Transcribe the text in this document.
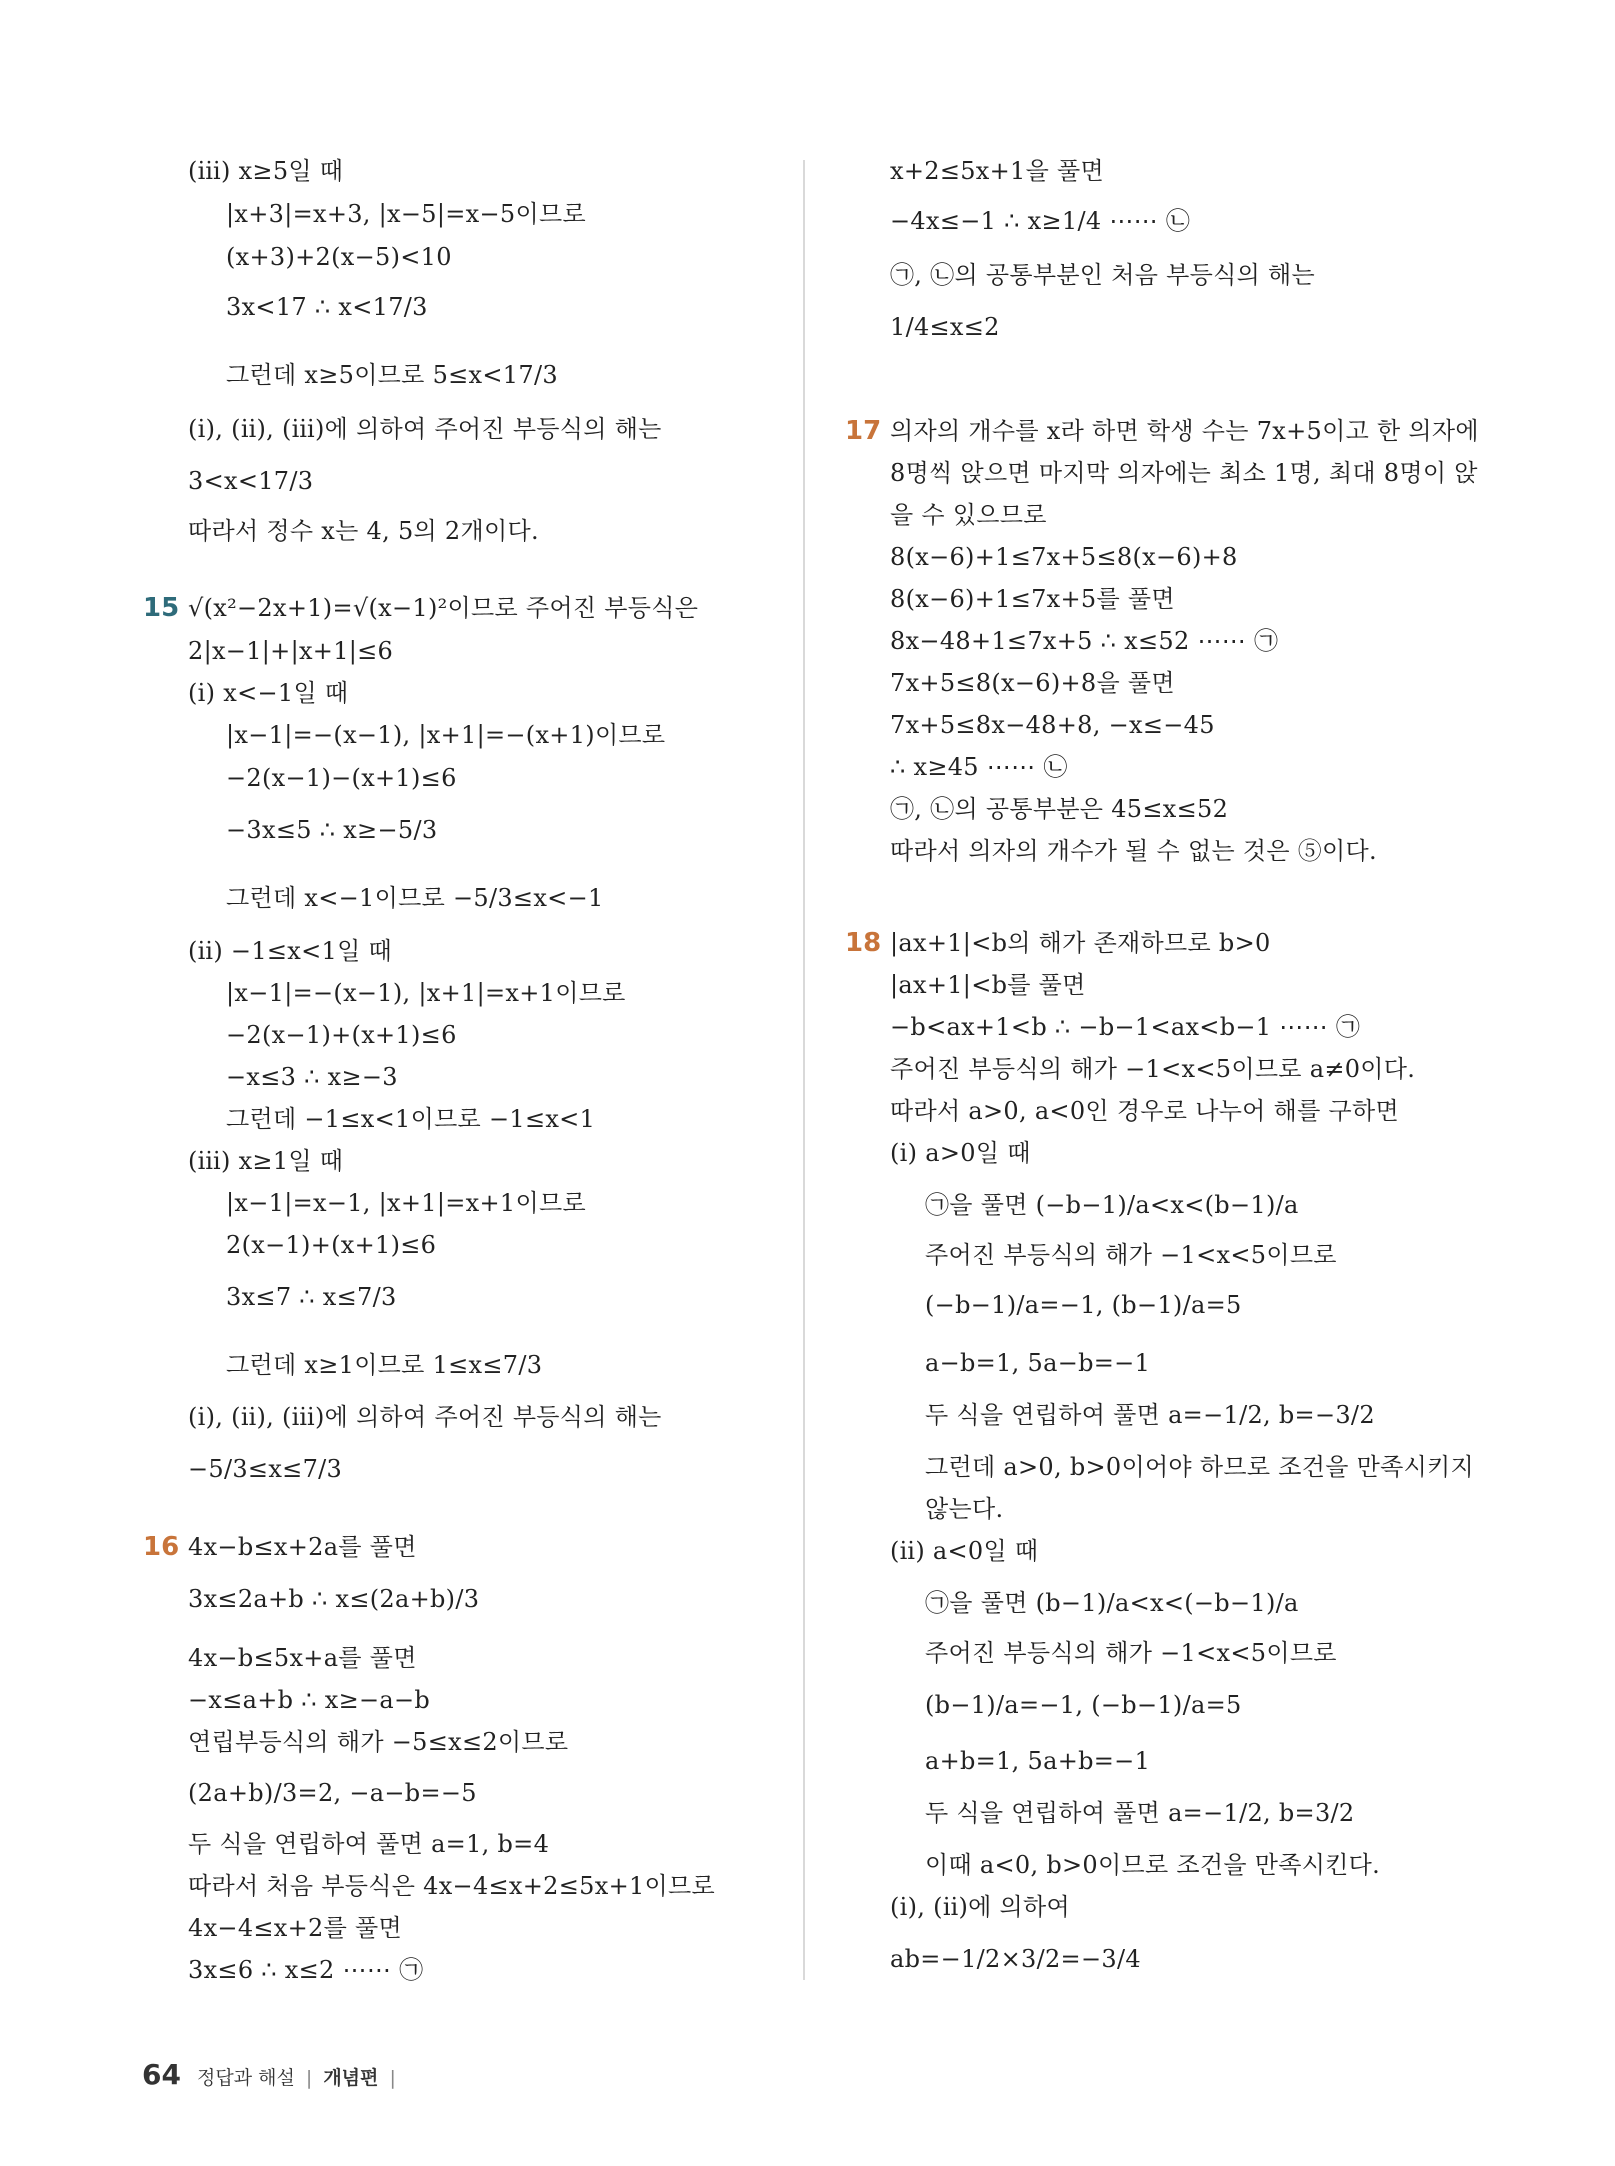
(ⅲ) x≥5일 때
|x+3|=x+3, |x−5|=x−5이므로
(x+3)+2(x−5)<10
3x<17 ∴ x<17/3
그런데 x≥5이므로 5≤x<17/3
(ⅰ), (ⅱ), (ⅲ)에 의하여 주어진 부등식의 해는
3<x<17/3
따라서 정수 x는 4, 5의 2개이다.
15 √(x²−2x+1)=√(x−1)²이므로 주어진 부등식은
2|x−1|+|x+1|≤6
(ⅰ) x<−1일 때
|x−1|=−(x−1), |x+1|=−(x+1)이므로
−2(x−1)−(x+1)≤6
−3x≤5 ∴ x≥−5/3
그런데 x<−1이므로 −5/3≤x<−1
(ⅱ) −1≤x<1일 때
|x−1|=−(x−1), |x+1|=x+1이므로
−2(x−1)+(x+1)≤6
−x≤3 ∴ x≥−3
그런데 −1≤x<1이므로 −1≤x<1
(ⅲ) x≥1일 때
|x−1|=x−1, |x+1|=x+1이므로
2(x−1)+(x+1)≤6
3x≤7 ∴ x≤7/3
그런데 x≥1이므로 1≤x≤7/3
(ⅰ), (ⅱ), (ⅲ)에 의하여 주어진 부등식의 해는
−5/3≤x≤7/3
16 4x−b≤x+2a를 풀면
3x≤2a+b ∴ x≤(2a+b)/3
4x−b≤5x+a를 풀면
−x≤a+b ∴ x≥−a−b
연립부등식의 해가 −5≤x≤2이므로
(2a+b)/3=2, −a−b=−5
두 식을 연립하여 풀면 a=1, b=4
따라서 처음 부등식은 4x−4≤x+2≤5x+1이므로
4x−4≤x+2를 풀면
3x≤6 ∴ x≤2 ⋯⋯ ㉠
x+2≤5x+1을 풀면
−4x≤−1 ∴ x≥1/4 ⋯⋯ ㉡
㉠, ㉡의 공통부분인 처음 부등식의 해는
1/4≤x≤2
17 의자의 개수를 x라 하면 학생 수는 7x+5이고 한 의자에
8명씩 앉으면 마지막 의자에는 최소 1명, 최대 8명이 앉
을 수 있으므로
8(x−6)+1≤7x+5≤8(x−6)+8
8(x−6)+1≤7x+5를 풀면
8x−48+1≤7x+5 ∴ x≤52 ⋯⋯ ㉠
7x+5≤8(x−6)+8을 풀면
7x+5≤8x−48+8, −x≤−45
∴ x≥45 ⋯⋯ ㉡
㉠, ㉡의 공통부분은 45≤x≤52
따라서 의자의 개수가 될 수 없는 것은 ⑤이다.
18 |ax+1|<b의 해가 존재하므로 b>0
|ax+1|<b를 풀면
−b<ax+1<b ∴ −b−1<ax<b−1 ⋯⋯ ㉠
주어진 부등식의 해가 −1<x<5이므로 a≠0이다.
따라서 a>0, a<0인 경우로 나누어 해를 구하면
(ⅰ) a>0일 때
㉠을 풀면 (−b−1)/a<x<(b−1)/a
주어진 부등식의 해가 −1<x<5이므로
(−b−1)/a=−1, (b−1)/a=5
a−b=1, 5a−b=−1
두 식을 연립하여 풀면 a=−1/2, b=−3/2
그런데 a>0, b>0이어야 하므로 조건을 만족시키지
않는다.
(ⅱ) a<0일 때
㉠을 풀면 (b−1)/a<x<(−b−1)/a
주어진 부등식의 해가 −1<x<5이므로
(b−1)/a=−1, (−b−1)/a=5
a+b=1, 5a+b=−1
두 식을 연립하여 풀면 a=−1/2, b=3/2
이때 a<0, b>0이므로 조건을 만족시킨다.
(ⅰ), (ⅱ)에 의하여
ab=−1/2×3/2=−3/4
64 정답과 해설 | 개념편 |
